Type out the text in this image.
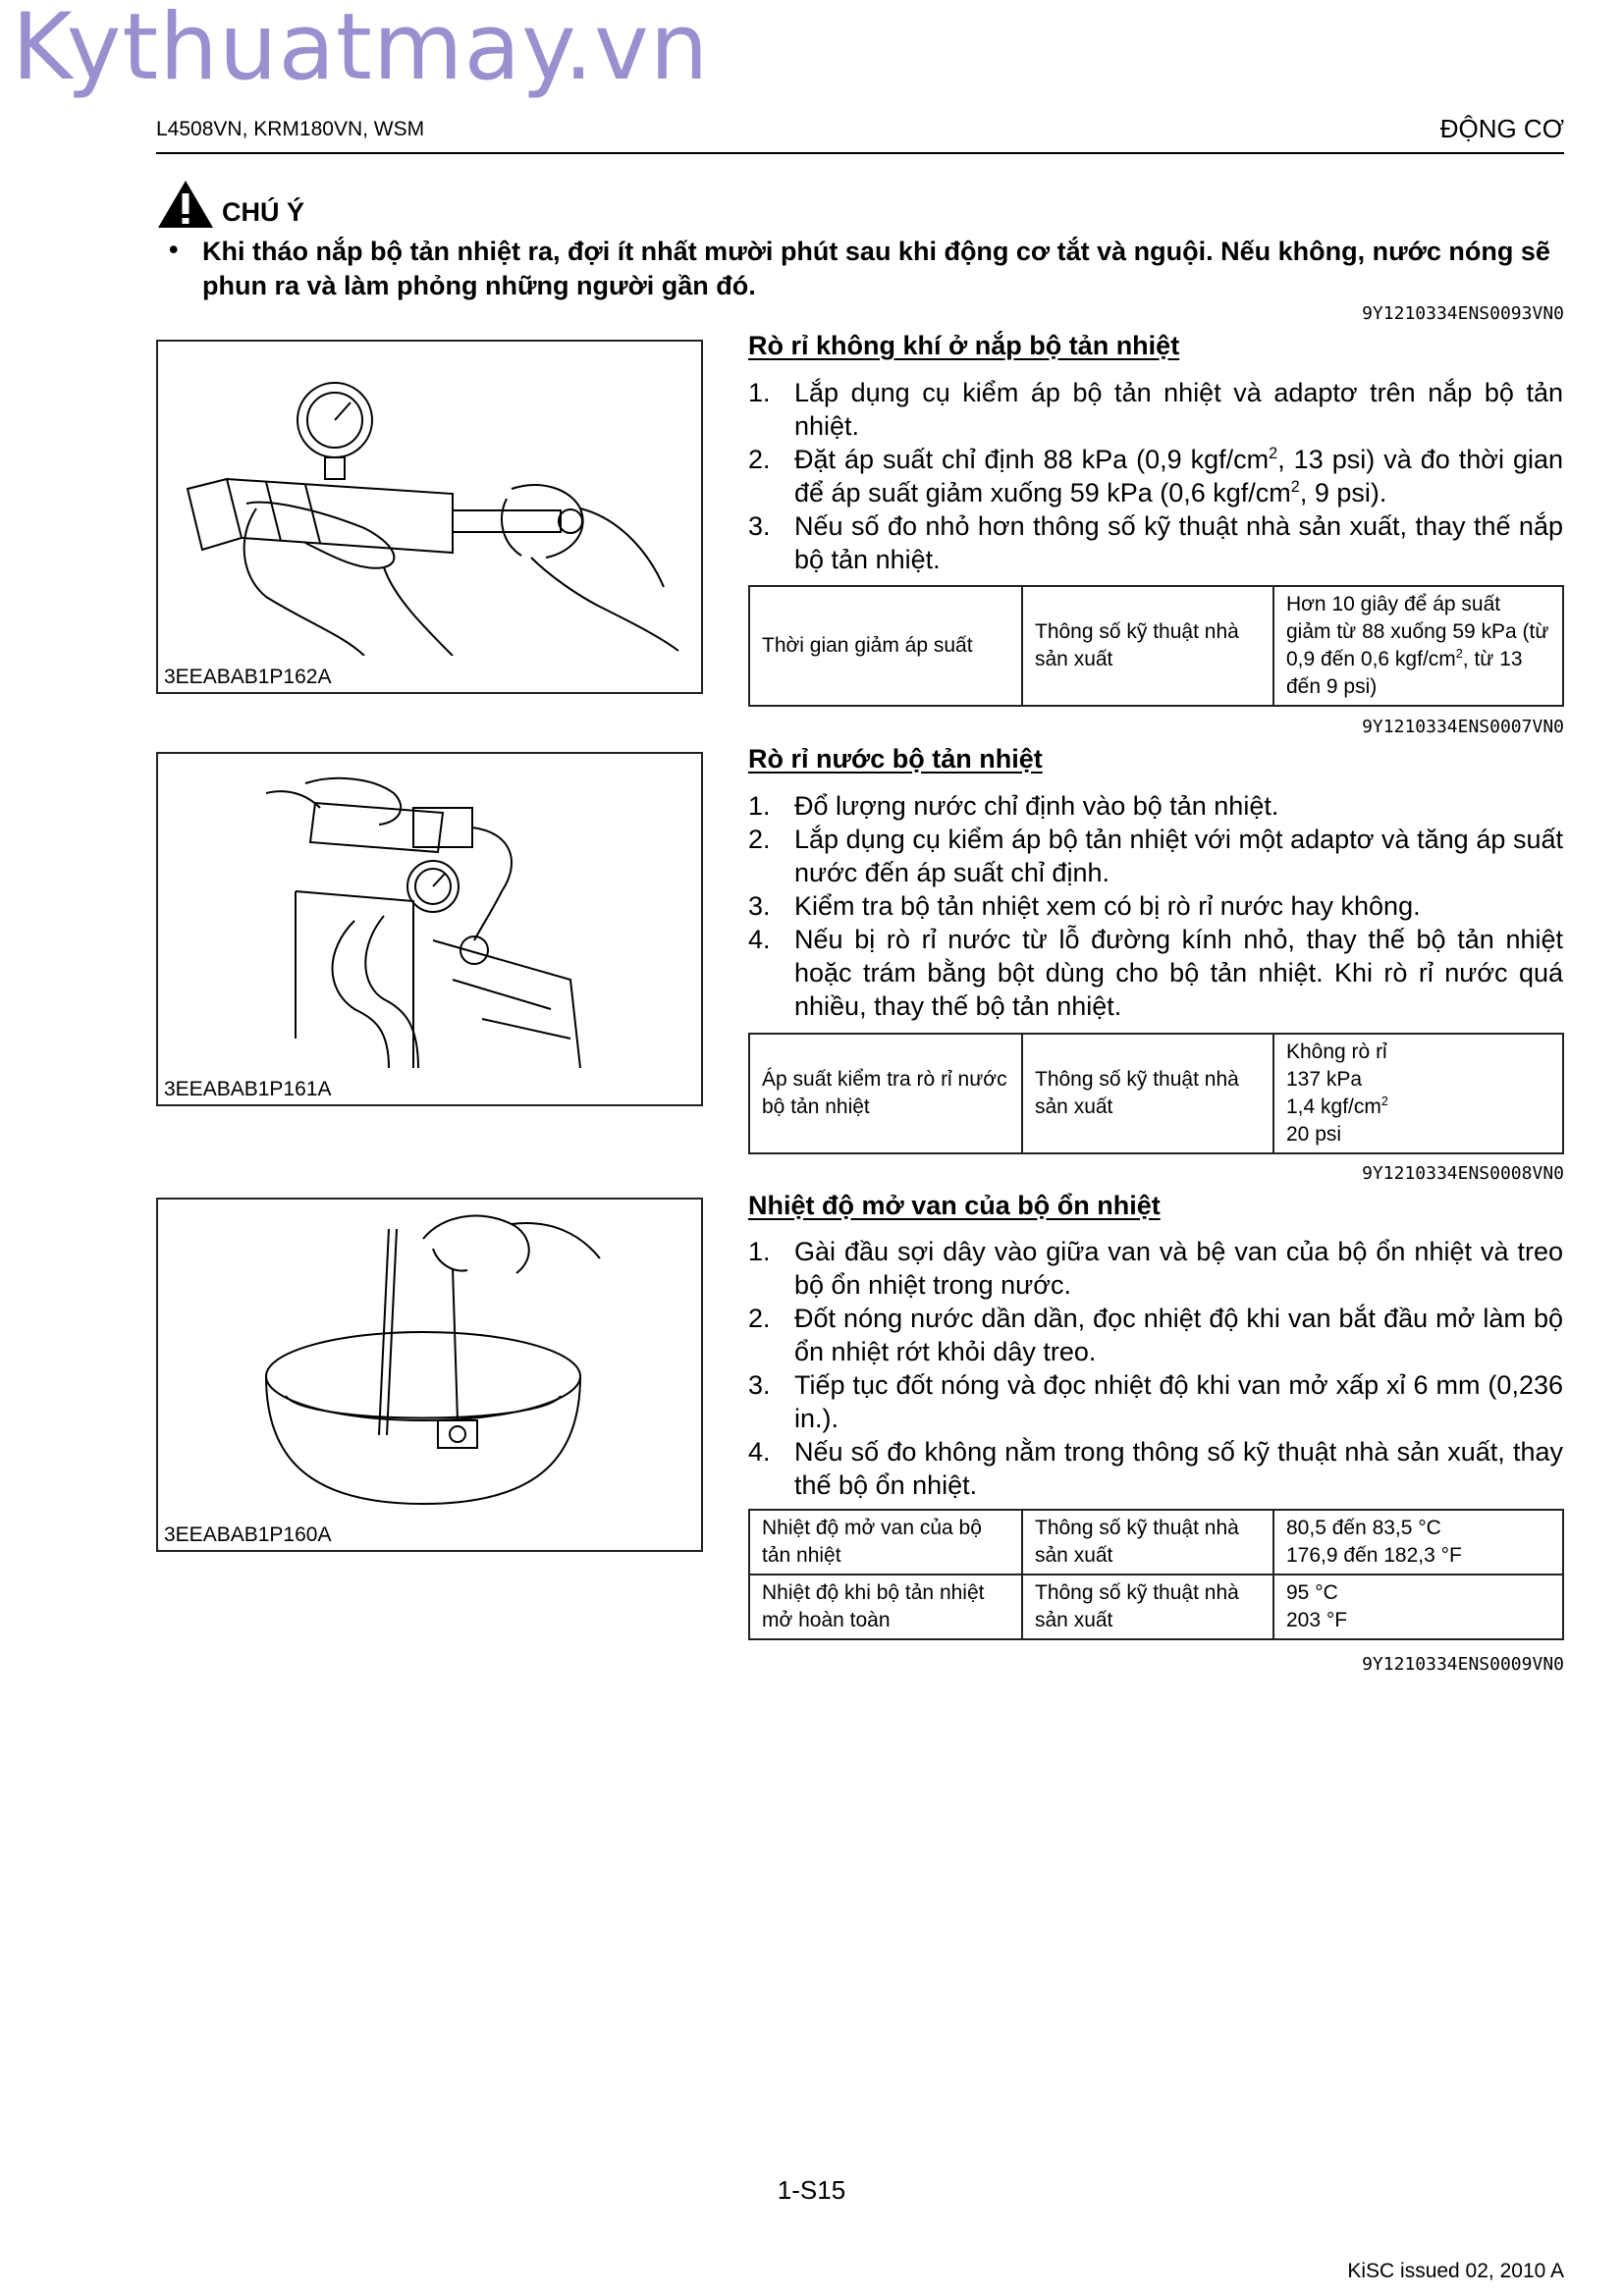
Kythuatmay.vn
L4508VN, KRM180VN, WSM	ĐỘNG CƠ
CHÚ Ý
• Khi tháo nắp bộ tản nhiệt ra, đợi ít nhất mười phút sau khi động cơ tắt và nguội. Nếu không, nước nóng sẽ phun ra và làm phỏng những người gần đó.
9Y1210334ENS0093VN0
3EEABAB1P162A
Rò rỉ không khí ở nắp bộ tản nhiệt
1. Lắp dụng cụ kiểm áp bộ tản nhiệt và adaptơ trên nắp bộ tản nhiệt.
2. Đặt áp suất chỉ định 88 kPa (0,9 kgf/$cm^2$, 13 psi) và đo thời gian để áp suất giảm xuống 59 kPa (0,6 kgf/$cm^2$, 9 psi).
3. Nếu số đo nhỏ hơn thông số kỹ thuật nhà sản xuất, thay thế nắp bộ tản nhiệt.
Thời gian giảm áp suất	Thông số kỹ thuật nhà sản xuất	Hơn 10 giây để áp suất giảm từ 88 xuống 59 kPa (từ 0,9 đến 0,6 kgf/$cm^2$, từ 13 đến 9 psi)
9Y1210334ENS0007VN0
3EEABAB1P161A
Rò rỉ nước bộ tản nhiệt
1. Đổ lượng nước chỉ định vào bộ tản nhiệt.
2. Lắp dụng cụ kiểm áp bộ tản nhiệt với một adaptơ và tăng áp suất nước đến áp suất chỉ định.
3. Kiểm tra bộ tản nhiệt xem có bị rò rỉ nước hay không.
4. Nếu bị rò rỉ nước từ lỗ đường kính nhỏ, thay thế bộ tản nhiệt hoặc trám bằng bột dùng cho bộ tản nhiệt. Khi rò rỉ nước quá nhiều, thay thế bộ tản nhiệt.
Áp suất kiểm tra rò rỉ nước bộ tản nhiệt	Thông số kỹ thuật nhà sản xuất	Không rò rỉ
137 kPa
1,4 kgf/$cm^2$
20 psi
9Y1210334ENS0008VN0
3EEABAB1P160A
Nhiệt độ mở van của bộ ổn nhiệt
1. Gài đầu sợi dây vào giữa van và bệ van của bộ ổn nhiệt và treo bộ ổn nhiệt trong nước.
2. Đốt nóng nước dần dần, đọc nhiệt độ khi van bắt đầu mở làm bộ ổn nhiệt rớt khỏi dây treo.
3. Tiếp tục đốt nóng và đọc nhiệt độ khi van mở xấp xỉ 6 mm (0,236 in.).
4. Nếu số đo không nằm trong thông số kỹ thuật nhà sản xuất, thay thế bộ ổn nhiệt.
Nhiệt độ mở van của bộ tản nhiệt	Thông số kỹ thuật nhà sản xuất	80,5 đến 83,5 °C
176,9 đến 182,3 °F
Nhiệt độ khi bộ tản nhiệt mở hoàn toàn	Thông số kỹ thuật nhà sản xuất	95 °C
203 °F
9Y1210334ENS0009VN0
1-S15
KiSC issued 02, 2010 A
